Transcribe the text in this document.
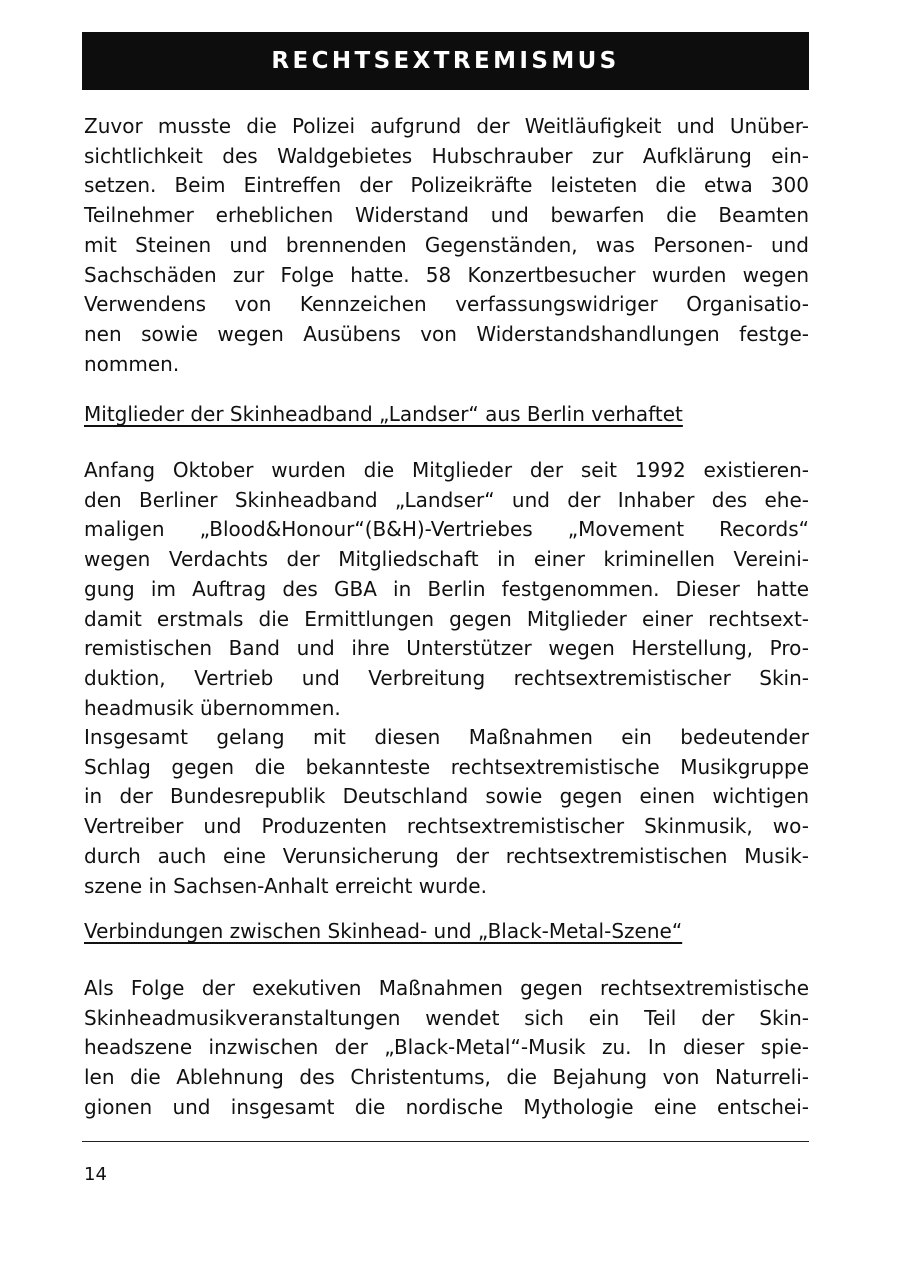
RECHTSEXTREMISMUS
Zuvor musste die Polizei aufgrund der Weitläufigkeit und Unüber-
sichtlichkeit des Waldgebietes Hubschrauber zur Aufklärung ein-
setzen. Beim Eintreffen der Polizeikräfte leisteten die etwa 300
Teilnehmer erheblichen Widerstand und bewarfen die Beamten
mit Steinen und brennenden Gegenständen, was Personen- und
Sachschäden zur Folge hatte. 58 Konzertbesucher wurden wegen
Verwendens von Kennzeichen verfassungswidriger Organisatio-
nen sowie wegen Ausübens von Widerstandshandlungen festge-
nommen.
Mitglieder der Skinheadband „Landser“ aus Berlin verhaftet
Anfang Oktober wurden die Mitglieder der seit 1992 existieren-
den Berliner Skinheadband „Landser“ und der Inhaber des ehe-
maligen „Blood&Honour“(B&H)-Vertriebes „Movement Records“
wegen Verdachts der Mitgliedschaft in einer kriminellen Vereini-
gung im Auftrag des GBA in Berlin festgenommen. Dieser hatte
damit erstmals die Ermittlungen gegen Mitglieder einer rechtsext-
remistischen Band und ihre Unterstützer wegen Herstellung, Pro-
duktion, Vertrieb und Verbreitung rechtsextremistischer Skin-
headmusik übernommen.
Insgesamt gelang mit diesen Maßnahmen ein bedeutender
Schlag gegen die bekannteste rechtsextremistische Musikgruppe
in der Bundesrepublik Deutschland sowie gegen einen wichtigen
Vertreiber und Produzenten rechtsextremistischer Skinmusik, wo-
durch auch eine Verunsicherung der rechtsextremistischen Musik-
szene in Sachsen-Anhalt erreicht wurde.
Verbindungen zwischen Skinhead- und „Black-Metal-Szene“
Als Folge der exekutiven Maßnahmen gegen rechtsextremistische
Skinheadmusikveranstaltungen wendet sich ein Teil der Skin-
headszene inzwischen der „Black-Metal“-Musik zu. In dieser spie-
len die Ablehnung des Christentums, die Bejahung von Naturreli-
gionen und insgesamt die nordische Mythologie eine entschei-
14
